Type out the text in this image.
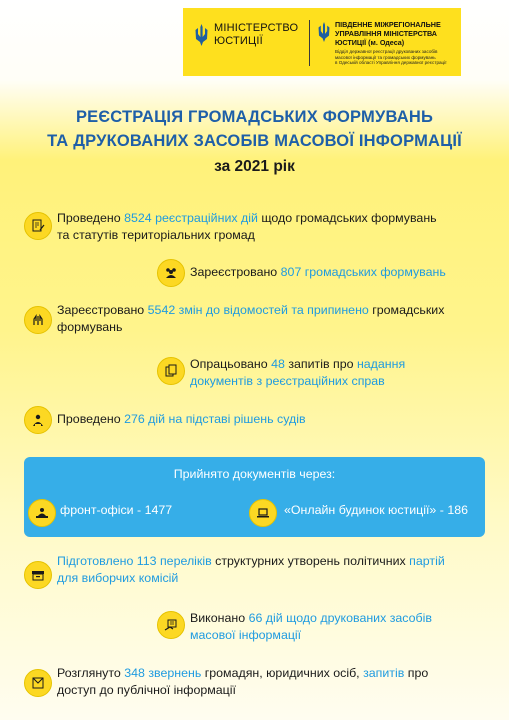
МІНІСТЕРСТВО
ЮСТИЦІЇ
ПІВДЕННЕ МІЖРЕГІОНАЛЬНЕ
УПРАВЛІННЯ МІНІСТЕРСТВА
ЮСТИЦІЇ (м. Одеса)
Відділ державної реєстрації друкованих засобів
масової інформації та громадських формувань
в Одеській області Управління державної реєстрації
РЕЄСТРАЦІЯ ГРОМАДСЬКИХ ФОРМУВАНЬ
ТА ДРУКОВАНИХ ЗАСОБІВ МАСОВОЇ ІНФОРМАЦІЇ
за 2021 рік
Проведено 8524 реєстраційних дій щодо громадських формувань
та статутів територіальних громад
Зареєстровано 807 громадських формувань
Зареєстровано 5542 змін до відомостей та припинено громадських
формувань
Опрацьовано 48 запитів про надання
документів з реєстраційних справ
Проведено 276 дій на підставі рішень судів
Прийнято документів через:
фронт-офіси - 1477	«Онлайн будинок юстиції» - 186
Підготовлено 113 переліків структурних утворень політичних партій
для виборчих комісій
Виконано 66 дій щодо друкованих засобів
масової інформації
Розглянуто 348 звернень громадян, юридичних осіб, запитів про
доступ до публічної інформації
